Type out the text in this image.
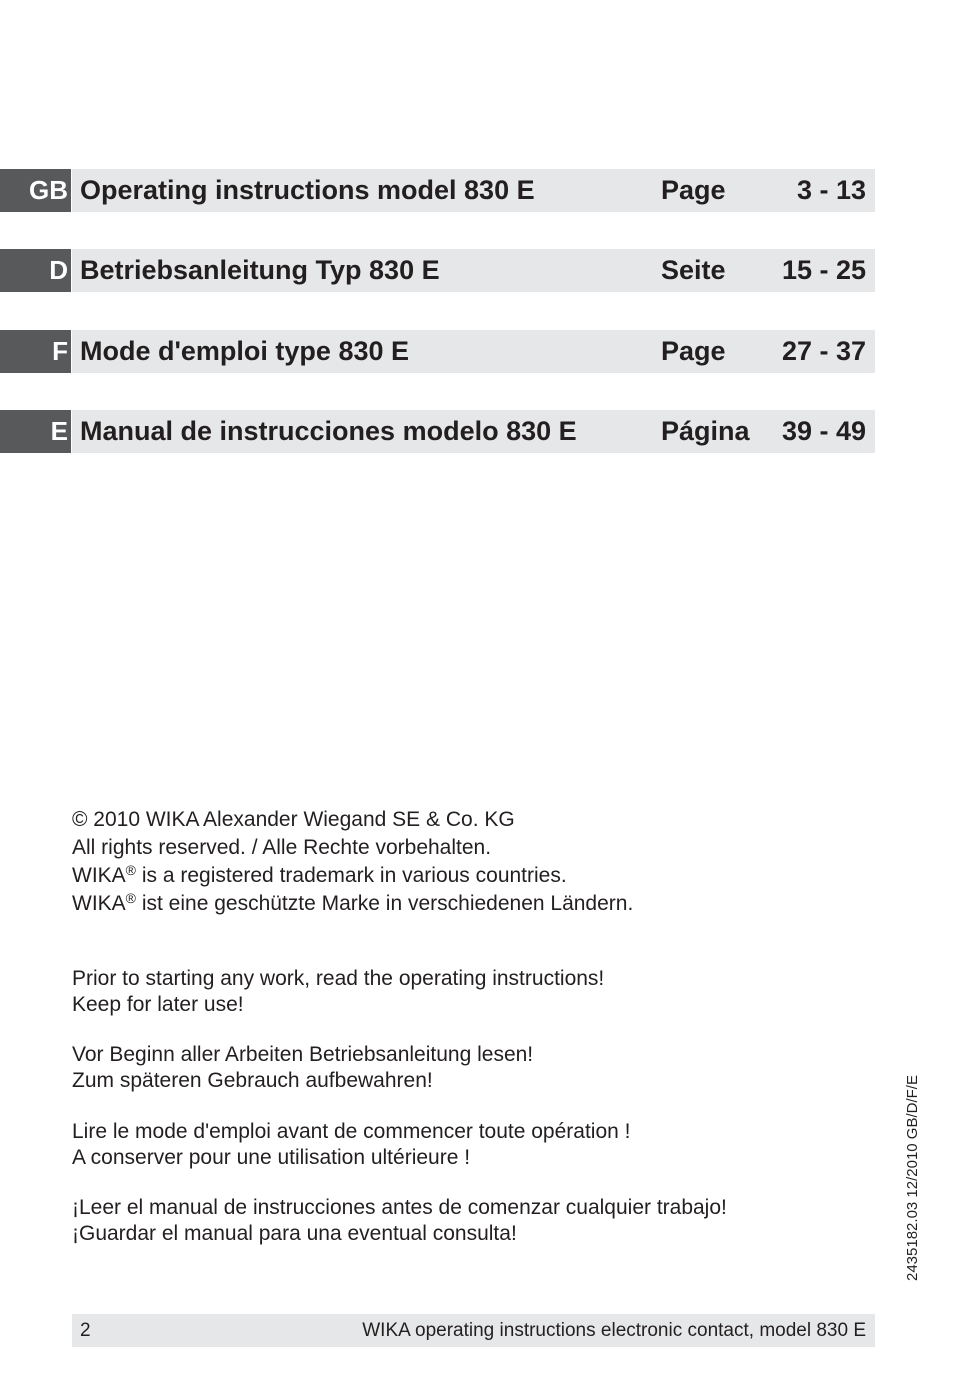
GB Operating instructions model 830 E	Page	3 - 13
D Betriebsanleitung Typ 830 E	Seite 15 - 25
F Mode d'emploi type 830 E	Page 27 - 37
E Manual de instrucciones modelo 830 E	Página 39 - 49
© 2010 WIKA Alexander Wiegand SE & Co. KG
All rights reserved. / Alle Rechte vorbehalten.
WIKA® is a registered trademark in various countries.
WIKA® ist eine geschützte Marke in verschiedenen Ländern.
Prior to starting any work, read the operating instructions!
Keep for later use!
Vor Beginn aller Arbeiten Betriebsanleitung lesen!
Zum späteren Gebrauch aufbewahren!
Lire le mode d'emploi avant de commencer toute opération !
A conserver pour une utilisation ultérieure !
¡Leer el manual de instrucciones antes de comenzar cualquier trabajo!
¡Guardar el manual para una eventual consulta!	2435182.03 12/2010 GB/D/F/E
2	WIKA operating instructions electronic contact, model 830 E
